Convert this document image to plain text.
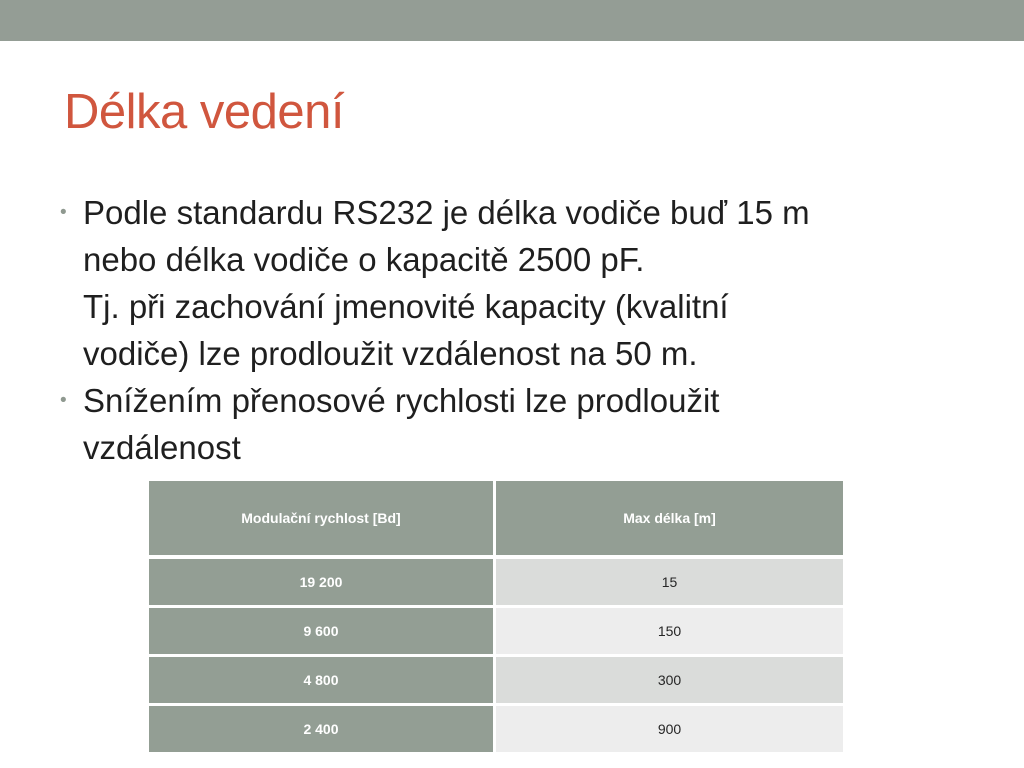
Délka vedení
• Podle standardu RS232 je délka vodiče buď 15 m
nebo délka vodiče o kapacitě 2500 pF.
Tj. při zachování jmenovité kapacity (kvalitní
vodiče) lze prodloužit vzdálenost na 50 m.
• Snížením přenosové rychlosti lze prodloužit
vzdálenost
Modulační rychlost [Bd]	Max délka [m]
19 200	15
9 600	150
4 800	300
2 400	900
